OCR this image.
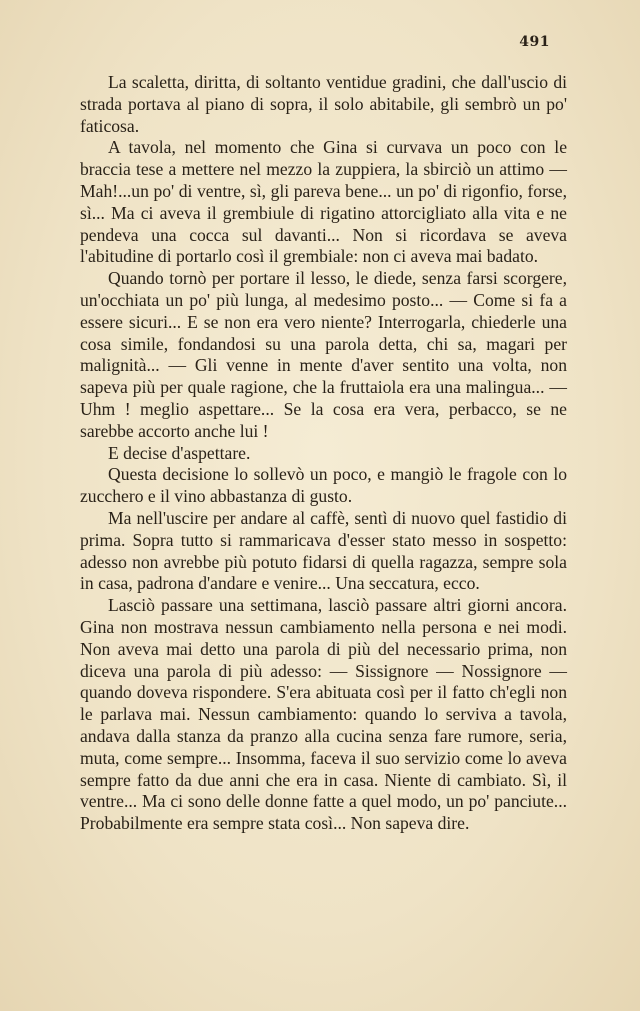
491

La scaletta, diritta, di soltanto ventidue gradini, che dall'uscio di strada portava al piano di sopra, il solo abitabile, gli sembrò un po' faticosa.

A tavola, nel momento che Gina si curvava un poco con le braccia tese a mettere nel mezzo la zuppiera, la sbirciò un attimo — Mah!...un po' di ventre, sì, gli pareva bene... un po' di rigonfio, forse, sì... Ma ci aveva il grembiule di rigatino attorcigliato alla vita e ne pendeva una cocca sul davanti... Non si ricordava se aveva l'abitudine di portarlo così il grembiale: non ci aveva mai badato.

Quando tornò per portare il lesso, le diede, senza farsi scorgere, un'occhiata un po' più lunga, al medesimo posto... — Come si fa a essere sicuri... E se non era vero niente? Interrogarla, chiederle una cosa simile, fondandosi su una parola detta, chi sa, magari per malignità... — Gli venne in mente d'aver sentito una volta, non sapeva più per quale ragione, che la fruttaiola era una malingua... — Uhm ! meglio aspettare... Se la cosa era vera, perbacco, se ne sarebbe accorto anche lui !

E decise d'aspettare.

Questa decisione lo sollevò un poco, e mangiò le fragole con lo zucchero e il vino abbastanza di gusto.

Ma nell'uscire per andare al caffè, sentì di nuovo quel fastidio di prima. Sopra tutto si rammaricava d'esser stato messo in sospetto: adesso non avrebbe più potuto fidarsi di quella ragazza, sempre sola in casa, padrona d'andare e venire... Una seccatura, ecco.

Lasciò passare una settimana, lasciò passare altri giorni ancora. Gina non mostrava nessun cambiamento nella persona e nei modi. Non aveva mai detto una parola di più del necessario prima, non diceva una parola di più adesso: — Sissignore — Nossignore — quando doveva rispondere. S'era abituata così per il fatto ch'egli non le parlava mai. Nessun cambiamento: quando lo serviva a tavola, andava dalla stanza da pranzo alla cucina senza fare rumore, seria, muta, come sempre... Insomma, faceva il suo servizio come lo aveva sempre fatto da due anni che era in casa. Niente di cambiato. Sì, il ventre... Ma ci sono delle donne fatte a quel modo, un po' panciute... Probabilmente era sempre stata così... Non sapeva dire.
